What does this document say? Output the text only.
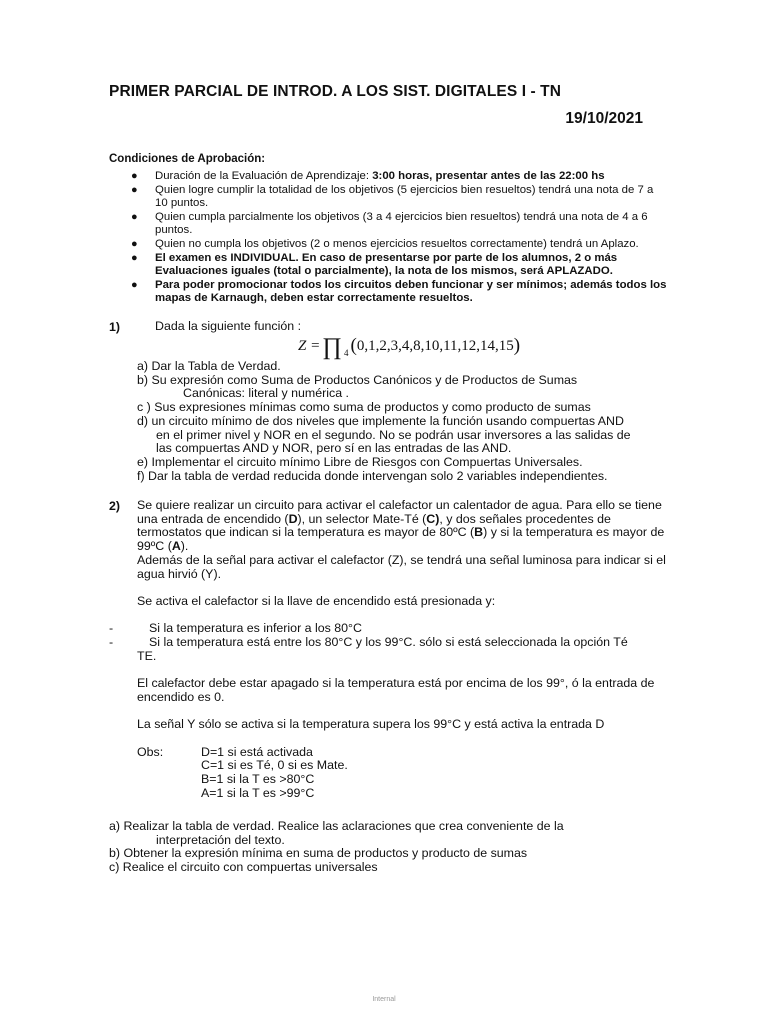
PRIMER PARCIAL DE INTROD. A LOS SIST. DIGITALES I - TN
19/10/2021
Condiciones de Aprobación:
● Duración de la Evaluación de Aprendizaje: 3:00 horas, presentar antes de las 22:00 hs
● Quien logre cumplir la totalidad de los objetivos (5 ejercicios bien resueltos) tendrá una nota de 7 a 10 puntos.
● Quien cumpla parcialmente los objetivos (3 a 4 ejercicios bien resueltos) tendrá una nota de 4 a 6 puntos.
● Quien no cumpla los objetivos (2 o menos ejercicios resueltos correctamente) tendrá un Aplazo.
● El examen es INDIVIDUAL. En caso de presentarse por parte de los alumnos, 2 o más Evaluaciones iguales (total o parcialmente), la nota de los mismos, será APLAZADO.
● Para poder promocionar todos los circuitos deben funcionar y ser mínimos; además todos los mapas de Karnaugh, deben estar correctamente resueltos.
1)	Dada la siguiente función :
Z =∏ $_4$ (0,1,2,3,4,8,10,11,12,14,15)

a) Dar la Tabla de Verdad.

b) Su expresión como Suma de Productos Canónicos y de Productos de Sumas

Canónicas: literal y numérica .

c ) Sus expresiones mínimas como suma de productos y como producto de sumas

d) un circuito mínimo de dos niveles que implemente la función usando compuertas AND

en el primer nivel y NOR en el segundo. No se podrán usar inversores a las salidas de

las compuertas AND y NOR, pero sí en las entradas de las AND.

e) Implementar el circuito mínimo Libre de Riesgos con Compuertas Universales.

f) Dar la tabla de verdad reducida donde intervengan solo 2 variables independientes.

2) Se quiere realizar un circuito para activar el calefactor un calentador de agua. Para ello se tiene una entrada de encendido (D), un selector Mate-Té (C), y dos señales procedentes de termostatos que indican si la temperatura es mayor de 80ºC (B) y si la temperatura es mayor de 99ºC (A).

Además de la señal para activar el calefactor (Z), se tendrá una señal luminosa para indicar si el agua hirvió (Y).

Se activa el calefactor si la llave de encendido está presionada y:

-	Si la temperatura es inferior a los 80°C

-	Si la temperatura está entre los 80°C y los 99°C. sólo si está seleccionada la opción Té

TE.

El calefactor debe estar apagado si la temperatura está por encima de los 99°, ó la entrada de encendido es 0.

La señal Y sólo se activa si la temperatura supera los 99°C y está activa la entrada D

Obs:	D=1 si está activada

C=1 si es Té, 0 si es Mate.

B=1 si la T es >80°C

A=1 si la T es >99°C

a) Realizar la tabla de verdad. Realice las aclaraciones que crea conveniente de la

interpretación del texto.

b) Obtener la expresión mínima en suma de productos y producto de sumas

c) Realice el circuito con compuertas universales

Internal
